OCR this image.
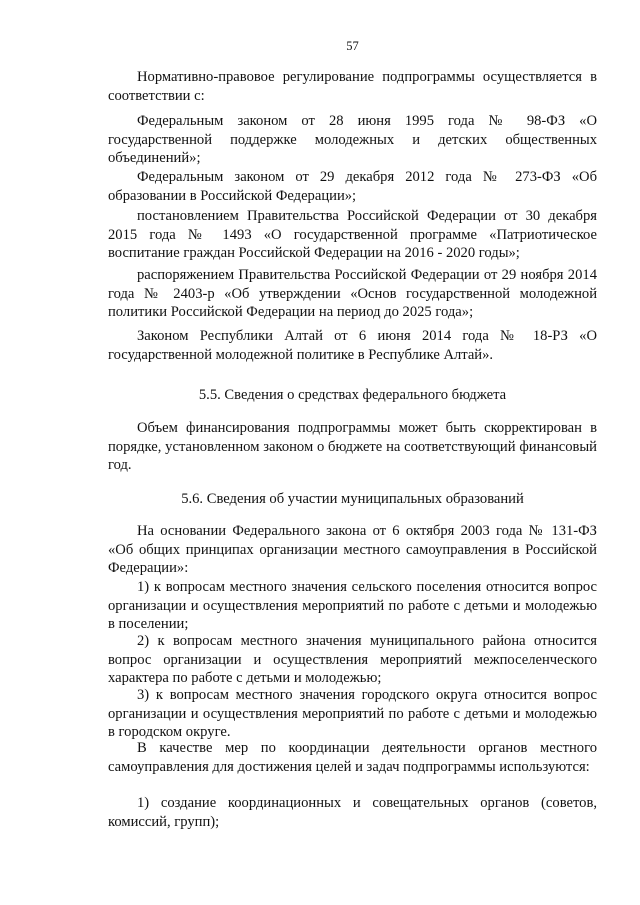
57

Нормативно-правовое регулирование подпрограммы осуществляется в соответствии с:

Федеральным законом от 28 июня 1995 года № 98-ФЗ «О государственной поддержке молодежных и детских общественных объединений»;

Федеральным законом от 29 декабря 2012 года № 273-ФЗ «Об образовании в Российской Федерации»;

постановлением Правительства Российской Федерации от 30 декабря 2015 года № 1493 «О государственной программе «Патриотическое воспитание граждан Российской Федерации на 2016 - 2020 годы»;

распоряжением Правительства Российской Федерации от 29 ноября 2014 года № 2403-р «Об утверждении «Основ государственной молодежной политики Российской Федерации на период до 2025 года»;

Законом Республики Алтай от 6 июня 2014 года № 18-РЗ «О государственной молодежной политике в Республике Алтай».

5.5. Сведения о средствах федерального бюджета

Объем финансирования подпрограммы может быть скорректирован в порядке, установленном законом о бюджете на соответствующий финансовый год.

5.6. Сведения об участии муниципальных образований

На основании Федерального закона от 6 октября 2003 года № 131-ФЗ «Об общих принципах организации местного самоуправления в Российской Федерации»:

1) к вопросам местного значения сельского поселения относится вопрос организации и осуществления мероприятий по работе с детьми и молодежью в поселении;

2) к вопросам местного значения муниципального района относится вопрос организации и осуществления мероприятий межпоселенческого характера по работе с детьми и молодежью;

3) к вопросам местного значения городского округа относится вопрос организации и осуществления мероприятий по работе с детьми и молодежью в городском округе.

В качестве мер по координации деятельности органов местного самоуправления для достижения целей и задач подпрограммы используются:

1) создание координационных и совещательных органов (советов, комиссий, групп);
